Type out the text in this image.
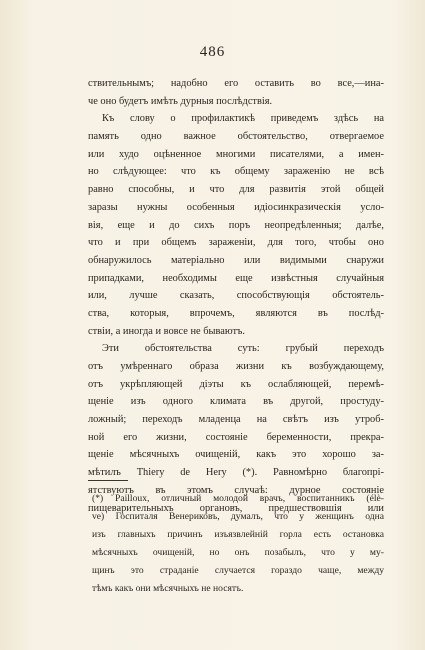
486
ствительнымъ; надобно его оставить во все,—ина-
че оно будетъ имѣть дурныя послѣдствія.
Къ слову о профилактикѣ приведемъ здѣсь на
память одно важное обстоятельство, отвергаемое
или худо оцѣненное многими писателями, а имен-
но слѣдующее: что къ общему зараженію не всѣ
равно способны, и что для развитія этой общей
заразы нужны особенныя идіосинкразическія усло-
вія, еще и до сихъ поръ неопредѣленныя; далѣе,
что и при общемъ зараженіи, для того, чтобы оно
обнаружилось матеріально или видимыми снаружи
припадками, необходимы еще извѣстныя случайныя
или, лучше сказать, способствующія обстоятель-
ства, которыя, впрочемъ, являются въ послѣд-
ствіи, а иногда и вовсе не бываютъ.
Эти обстоятельства суть: грубый переходъ
отъ умѣреннаго образа жизни къ возбуждающему,
отъ укрѣпляющей діэты къ ослабляющей, перемѣ-
щеніе изъ одного климата въ другой, простуду-
ложный; переходъ младенца на свѣтъ изъ утроб-
ной его жизни, состояніе беременности, прекра-
щеніе мѣсячныхъ очищеній, какъ это хорошо за-
мѣтилъ Thiery de Hery (*). Равномѣрно благопрі-
ятствуютъ въ этомъ случаѣ: дурное состояніе
пищеварительныхъ органовъ, предшествовшія или
(*) Pailloux, отличный молодой врачъ, воспитанникъ (élè-
ve) Госпиталя Венериковъ, думалъ, что у женщинъ одна
изъ главныхъ причинъ изъязвлейній горла есть остановка
мѣсячныхъ очищеній, но онъ позабылъ, что у му-
щинъ это страданіе случается гораздо чаще, между
тѣмъ какъ они мѣсячныхъ не носятъ.
